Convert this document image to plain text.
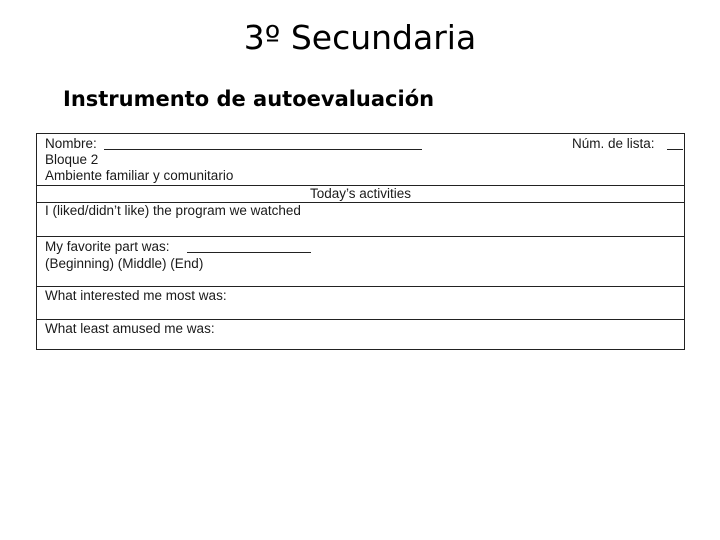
3º Secundaria
Instrumento de autoevaluación
Nombre:	Núm. de lista:
Bloque 2
Ambiente familiar y comunitario
Today’s activities
I (liked/didn’t like) the program we watched
My favorite part was:
(Beginning) (Middle) (End)
What interested me most was:
What least amused me was:
